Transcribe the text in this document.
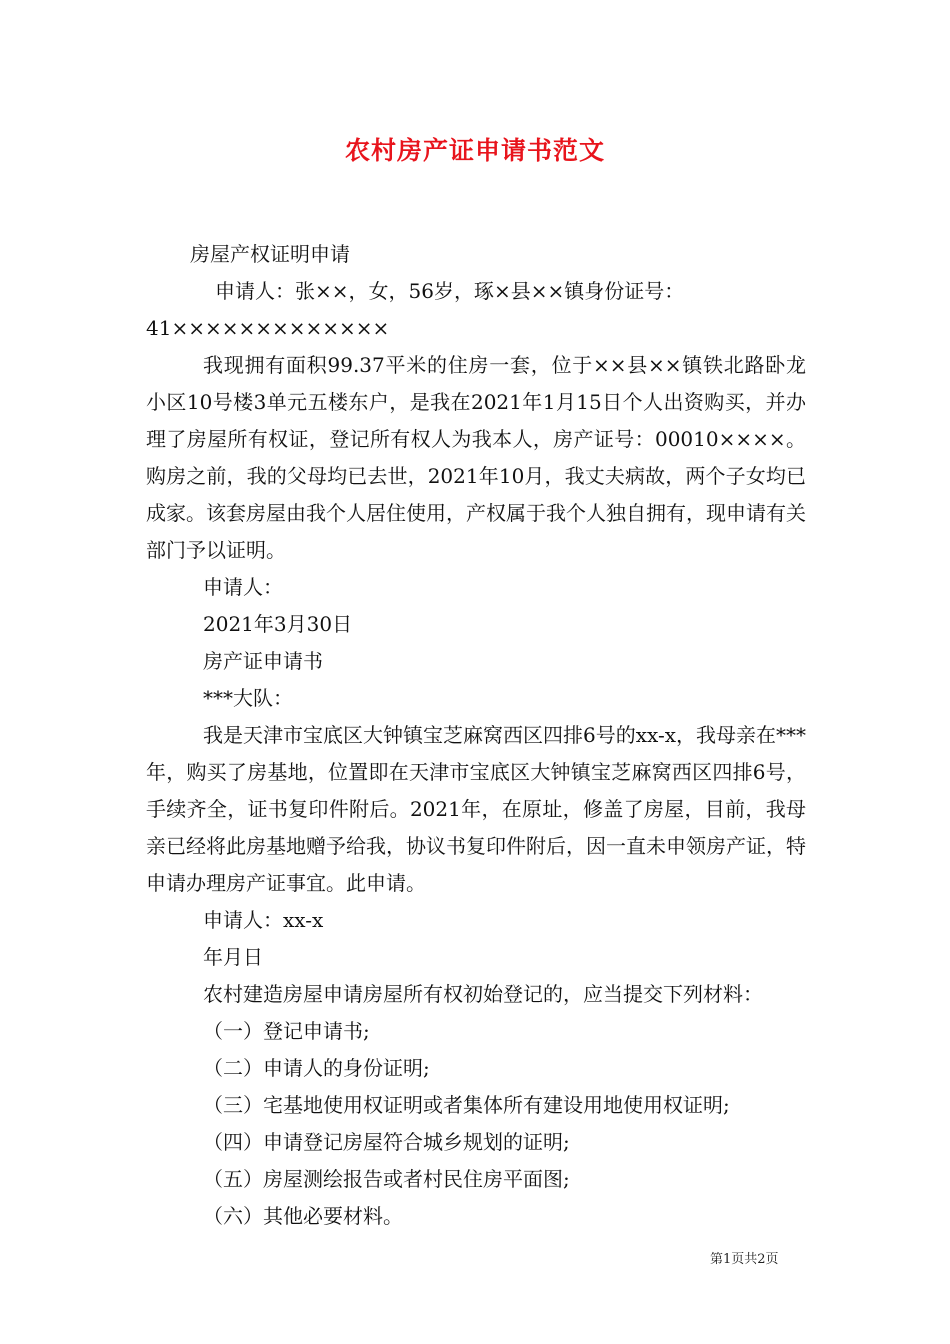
农村房产证申请书范文
房屋产权证明申请
申请人：张××，女，56岁，琢×县××镇身份证号：
41×××××××××××××
我现拥有面积99.37平米的住房一套，位于××县××镇铁北路卧龙小区10号楼3单元五楼东户，是我在2021年1月15日个人出资购买，并办理了房屋所有权证，登记所有权人为我本人，房产证号：00010××××。购房之前，我的父母均已去世，2021年10月，我丈夫病故，两个子女均已成家。该套房屋由我个人居住使用，产权属于我个人独自拥有，现申请有关部门予以证明。
申请人：
2021年3月30日
房产证申请书
***大队：
我是天津市宝底区大钟镇宝芝麻窝西区四排6号的xx-x，我母亲在***年，购买了房基地，位置即在天津市宝底区大钟镇宝芝麻窝西区四排6号，手续齐全，证书复印件附后。2021年，在原址，修盖了房屋，目前，我母亲已经将此房基地赠予给我，协议书复印件附后，因一直未申领房产证，特申请办理房产证事宜。此申请。
申请人：xx-x
年月日
农村建造房屋申请房屋所有权初始登记的，应当提交下列材料：
（一）登记申请书;
（二）申请人的身份证明;
（三）宅基地使用权证明或者集体所有建设用地使用权证明;
（四）申请登记房屋符合城乡规划的证明;
（五）房屋测绘报告或者村民住房平面图;
（六）其他必要材料。
第1页共2页
